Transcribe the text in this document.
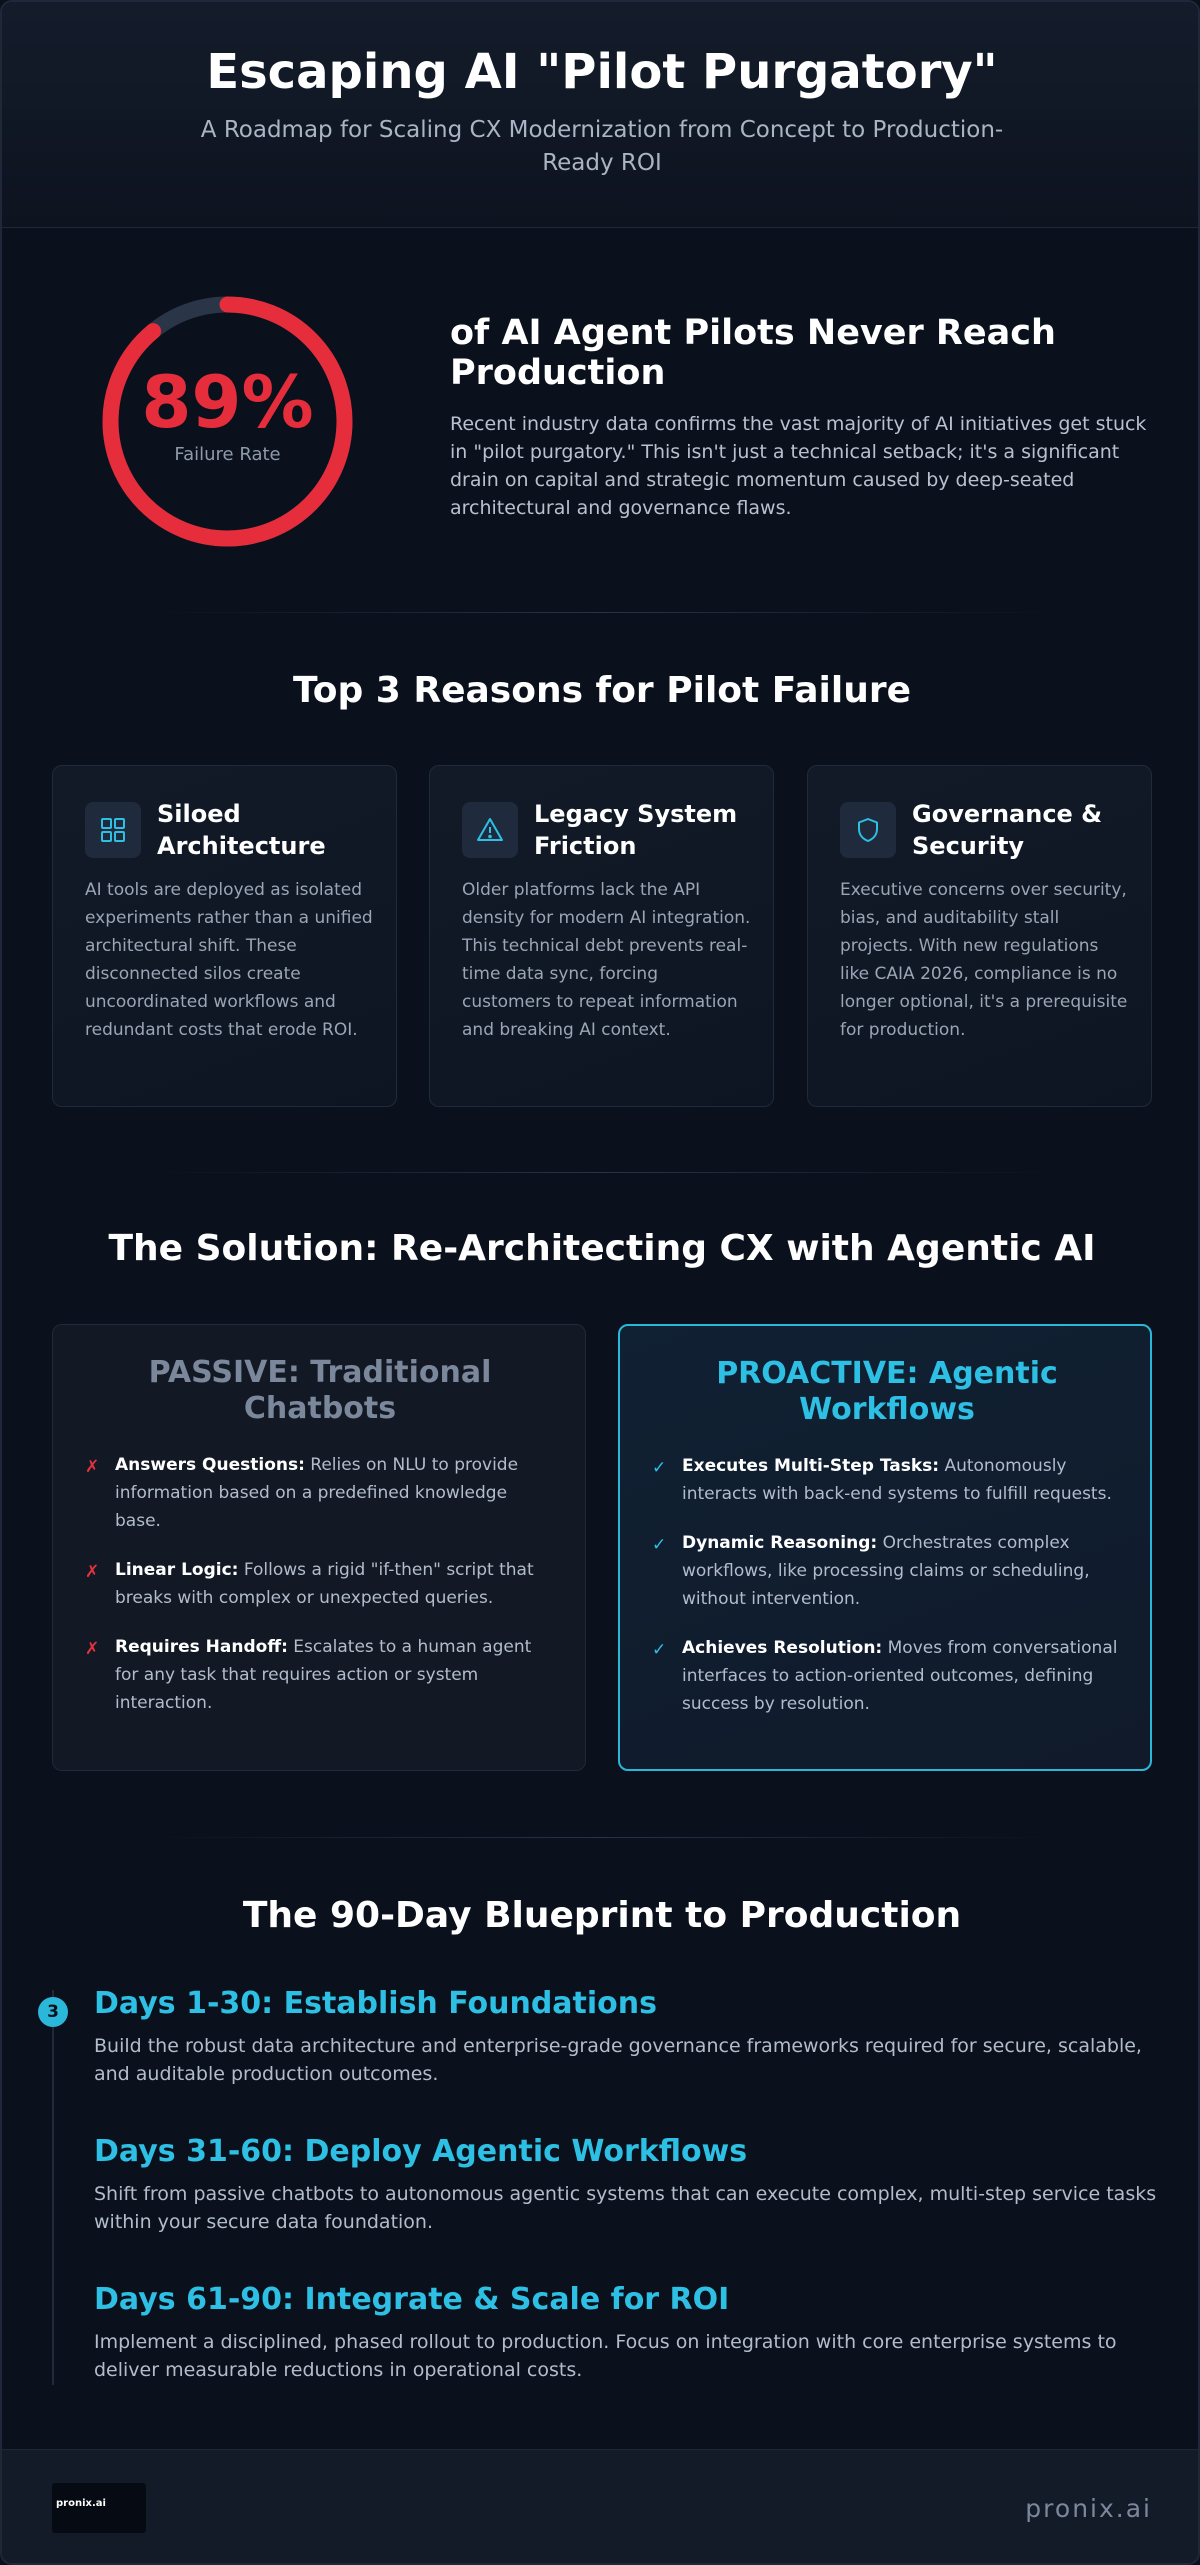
Escaping AI "Pilot Purgatory"
A Roadmap for Scaling CX Modernization from Concept to Production-Ready ROI
89%
Failure Rate
of AI Agent Pilots Never Reach Production
Recent industry data confirms the vast majority of AI initiatives get stuck in "pilot purgatory." This isn't just a technical setback; it's a significant drain on capital and strategic momentum caused by deep-seated architectural and governance flaws.
Top 3 Reasons for Pilot Failure
Siloed Architecture
AI tools are deployed as isolated experiments rather than a unified architectural shift. These disconnected silos create uncoordinated workflows and redundant costs that erode ROI.
Legacy System Friction
Older platforms lack the API density for modern AI integration. This technical debt prevents real-time data sync, forcing customers to repeat information and breaking AI context.
Governance & Security
Executive concerns over security, bias, and auditability stall projects. With new regulations like CAIA 2026, compliance is no longer optional, it's a prerequisite for production.
The Solution: Re-Architecting CX with Agentic AI
PASSIVE: Traditional Chatbots
✗ Answers Questions: Relies on NLU to provide information based on a predefined knowledge base.
✗ Linear Logic: Follows a rigid "if-then" script that breaks with complex or unexpected queries.
✗ Requires Handoff: Escalates to a human agent for any task that requires action or system interaction.
PROACTIVE: Agentic Workflows
✓ Executes Multi-Step Tasks: Autonomously interacts with back-end systems to fulfill requests.
✓ Dynamic Reasoning: Orchestrates complex workflows, like processing claims or scheduling, without intervention.
✓ Achieves Resolution: Moves from conversational interfaces to action-oriented outcomes, defining success by resolution.
The 90-Day Blueprint to Production
3	Days 1-30: Establish Foundations
Build the robust data architecture and enterprise-grade governance frameworks required for secure, scalable, and auditable production outcomes.
Days 31-60: Deploy Agentic Workflows
Shift from passive chatbots to autonomous agentic systems that can execute complex, multi-step service tasks within your secure data foundation.
Days 61-90: Integrate & Scale for ROI
Implement a disciplined, phased rollout to production. Focus on integration with core enterprise systems to deliver measurable reductions in operational costs.
pronix.ai	pronix.ai
